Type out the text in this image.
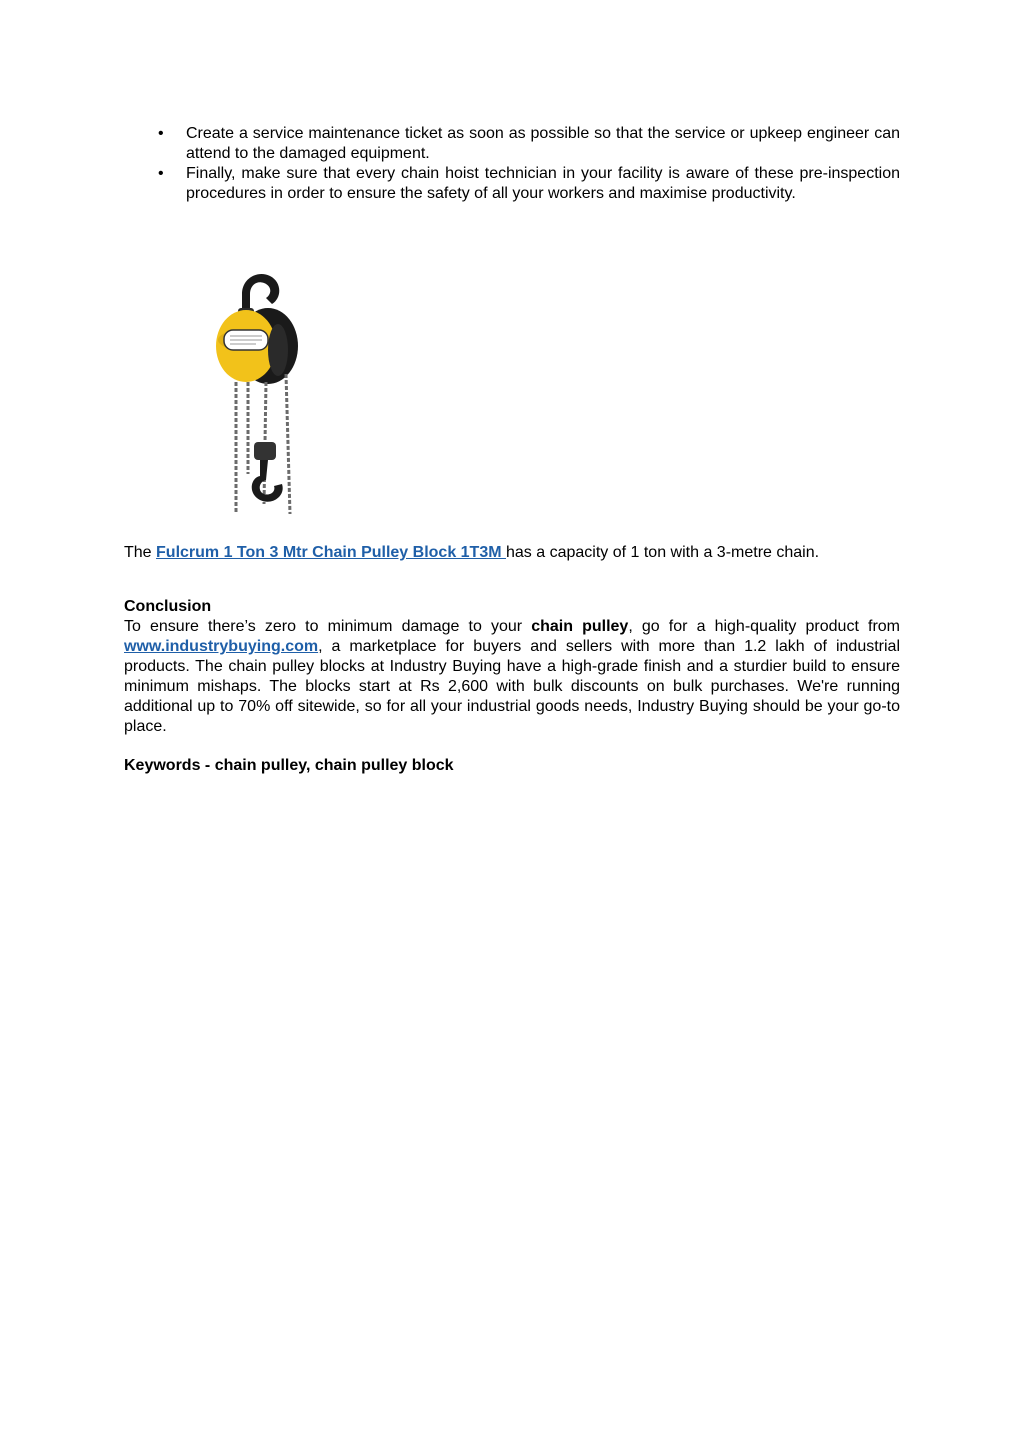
• Create a service maintenance ticket as soon as possible so that the service or upkeep engineer can attend to the damaged equipment.
• Finally, make sure that every chain hoist technician in your facility is aware of these pre-inspection procedures in order to ensure the safety of all your workers and maximise productivity.
The Fulcrum 1 Ton 3 Mtr Chain Pulley Block 1T3M has a capacity of 1 ton with a 3-metre chain.
Conclusion
To ensure there’s zero to minimum damage to your chain pulley, go for a high-quality product from www.industrybuying.com, a marketplace for buyers and sellers with more than 1.2 lakh of industrial products. The chain pulley blocks at Industry Buying have a high-grade finish and a sturdier build to ensure minimum mishaps. The blocks start at Rs 2,600 with bulk discounts on bulk purchases. We're running additional up to 70% off sitewide, so for all your industrial goods needs, Industry Buying should be your go-to place.
Keywords - chain pulley, chain pulley block
